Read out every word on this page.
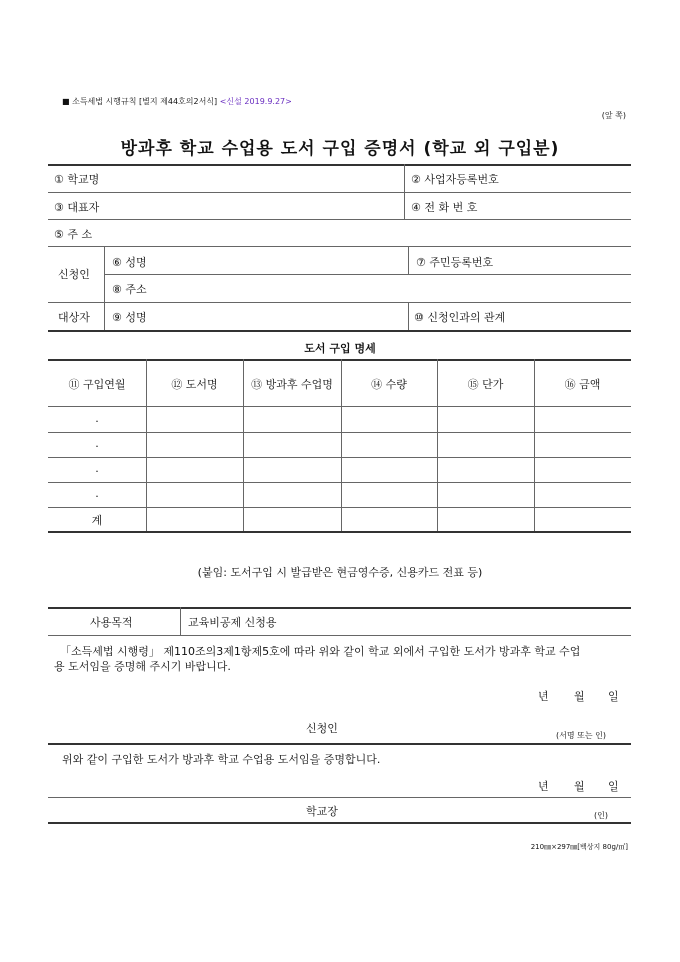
■ 소득세법 시행규칙 [별지 제44호의2서식] <신설 2019.9.27>
(앞 쪽)
방과후 학교 수업용 도서 구입 증명서 (학교 외 구입분)
① 학교명	② 사업자등록번호
③ 대표자	④ 전 화 번 호
⑤ 주 소
신청인
⑥ 성명	⑦ 주민등록번호
⑧ 주소
대상자 ⑨ 성명	⑩ 신청인과의 관계
도서 구입 명세
⑪ 구입연월	⑫ 도서명	⑬ 방과후 수업명	⑭ 수량	⑮ 단가	⑯ 금액
.
.
.
.
계
(붙임: 도서구입 시 발급받은 현금영수증, 신용카드 전표 등)
사용목적	교육비공제 신청용
「소득세법 시행령」 제110조의3제1항제5호에 따라 위와 같이 학교 외에서 구입한 도서가 방과후 학교 수업
용 도서임을 증명해 주시기 바랍니다.
년 월 일
신청인
(서명 또는 인)
위와 같이 구입한 도서가 방과후 학교 수업용 도서임을 증명합니다.
년 월 일
학교장	(인)
210㎜×297㎜[백상지 80g/㎡]
